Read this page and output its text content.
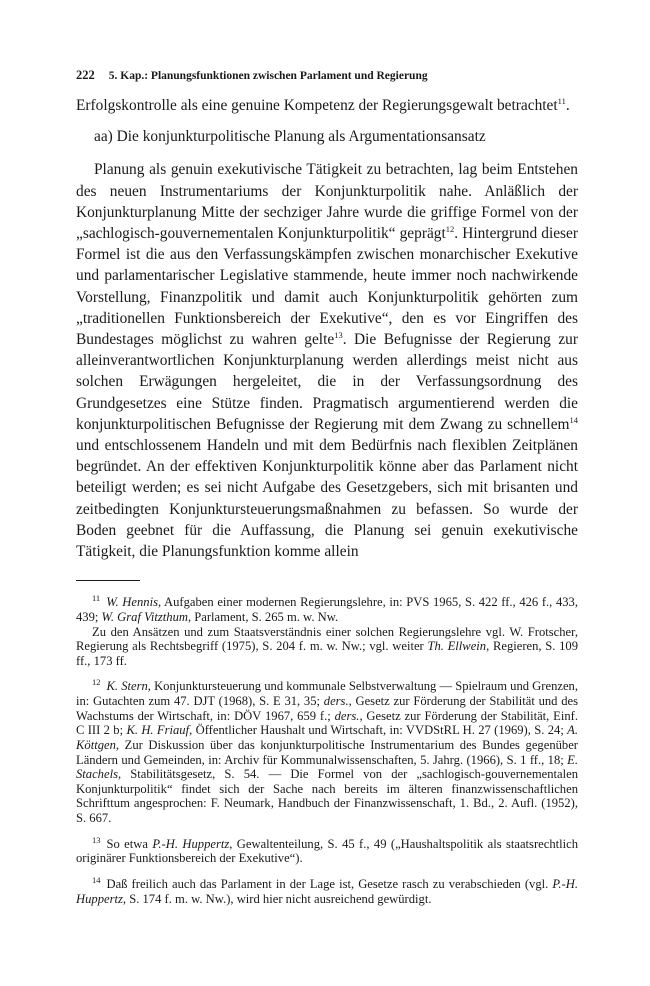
222 5. Kap.: Planungsfunktionen zwischen Parlament und Regierung

Erfolgskontrolle als eine genuine Kompetenz der Regierungsgewalt betrachtet$^{11}$.

aa) Die konjunkturpolitische Planung als Argumentationsansatz

Planung als genuin exekutivische Tätigkeit zu betrachten, lag beim Entstehen des neuen Instrumentariums der Konjunkturpolitik nahe. Anläßlich der Konjunkturplanung Mitte der sechziger Jahre wurde die griffige Formel von der „sachlogisch-gouvernementalen Konjunkturpolitik“ geprägt$^{12}$. Hintergrund dieser Formel ist die aus den Verfassungskämpfen zwischen monarchischer Exekutive und parlamentarischer Legislative stammende, heute immer noch nachwirkende Vorstellung, Finanzpolitik und damit auch Konjunkturpolitik gehörten zum „traditionellen Funktionsbereich der Exekutive“, den es vor Eingriffen des Bundestages möglichst zu wahren gelte$^{13}$. Die Befugnisse der Regierung zur alleinverantwortlichen Konjunkturplanung werden allerdings meist nicht aus solchen Erwägungen hergeleitet, die in der Verfassungsordnung des Grundgesetzes eine Stütze finden. Pragmatisch argumentierend werden die konjunkturpolitischen Befugnisse der Regierung mit dem Zwang zu schnellem$^{14}$ und entschlossenem Handeln und mit dem Bedürfnis nach flexiblen Zeitplänen begründet. An der effektiven Konjunkturpolitik könne aber das Parlament nicht beteiligt werden; es sei nicht Aufgabe des Gesetzgebers, sich mit brisanten und zeitbedingten Konjunktursteuerungsmaßnahmen zu befassen. So wurde der Boden geebnet für die Auffassung, die Planung sei genuin exekutivische Tätigkeit, die Planungsfunktion komme allein

$^{11}$ W. Hennis, Aufgaben einer modernen Regierungslehre, in: PVS 1965, S. 422 ff., 426 f., 433, 439; W. Graf Vitzthum, Parlament, S. 265 m. w. Nw.

Zu den Ansätzen und zum Staatsverständnis einer solchen Regierungslehre vgl. W. Frotscher, Regierung als Rechtsbegriff (1975), S. 204 f. m. w. Nw.; vgl. weiter Th. Ellwein, Regieren, S. 109 ff., 173 ff.

$^{12}$ K. Stern, Konjunktursteuerung und kommunale Selbstverwaltung — Spielraum und Grenzen, in: Gutachten zum 47. DJT (1968), S. E 31, 35; ders., Gesetz zur Förderung der Stabilität und des Wachstums der Wirtschaft, in: DÖV 1967, 659 f.; ders., Gesetz zur Förderung der Stabilität, Einf. C III 2 b; K. H. Friauf, Öffentlicher Haushalt und Wirtschaft, in: VVDStRL H. 27 (1969), S. 24; A. Köttgen, Zur Diskussion über das konjunkturpolitische Instrumentarium des Bundes gegenüber Ländern und Gemeinden, in: Archiv für Kommunalwissenschaften, 5. Jahrg. (1966), S. 1 ff., 18; E. Stachels, Stabilitätsgesetz, S. 54. — Die Formel von der „sachlogisch-gouvernementalen Konjunkturpolitik“ findet sich der Sache nach bereits im älteren finanzwissenschaftlichen Schrifttum angesprochen: F. Neumark, Handbuch der Finanzwissenschaft, 1. Bd., 2. Aufl. (1952), S. 667.

$^{13}$ So etwa P.-H. Huppertz, Gewaltenteilung, S. 45 f., 49 („Haushaltspolitik als staatsrechtlich originärer Funktionsbereich der Exekutive“).

$^{14}$ Daß freilich auch das Parlament in der Lage ist, Gesetze rasch zu verabschieden (vgl. P.-H. Huppertz, S. 174 f. m. w. Nw.), wird hier nicht ausreichend gewürdigt.
